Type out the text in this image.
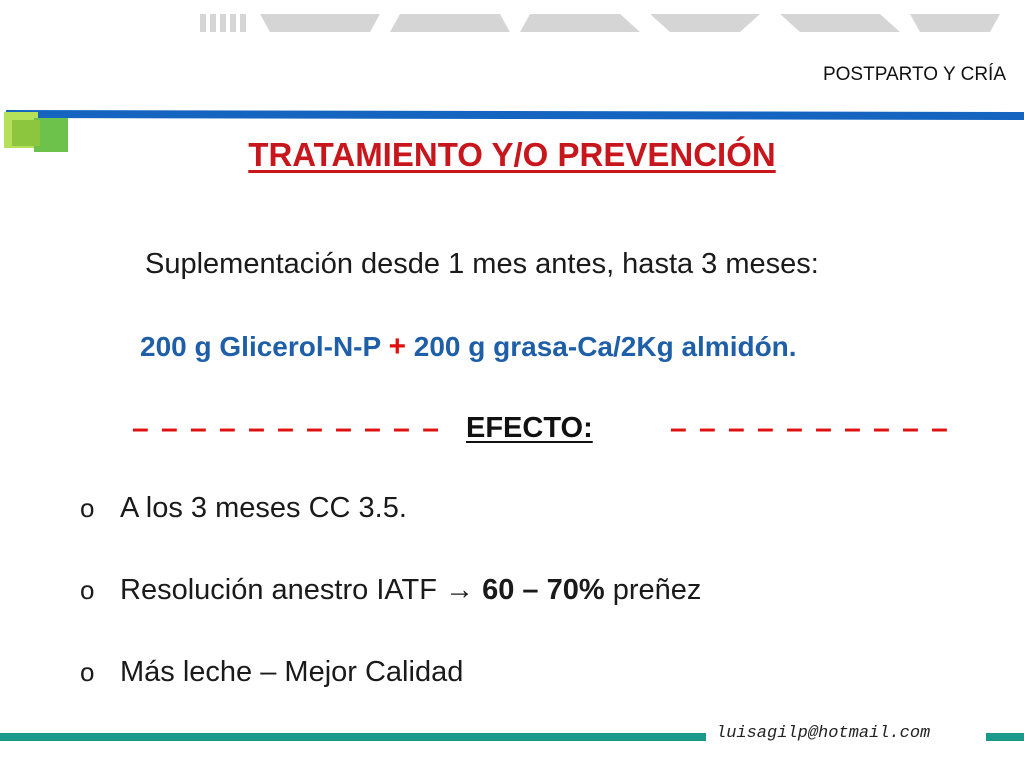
POSTPARTO Y CRÍA
TRATAMIENTO Y/O PREVENCIÓN
Suplementación desde 1 mes antes, hasta 3 meses:
200 g Glicerol-N-P + 200 g grasa-Ca/2Kg almidón.
– – – – – – – – – – – EFECTO:	– – – – – – – – – –
o A los 3 meses CC 3.5.
o Resolución anestro IATF → 60 – 70% preñez
o Más leche – Mejor Calidad
luisagilp@hotmail.com
